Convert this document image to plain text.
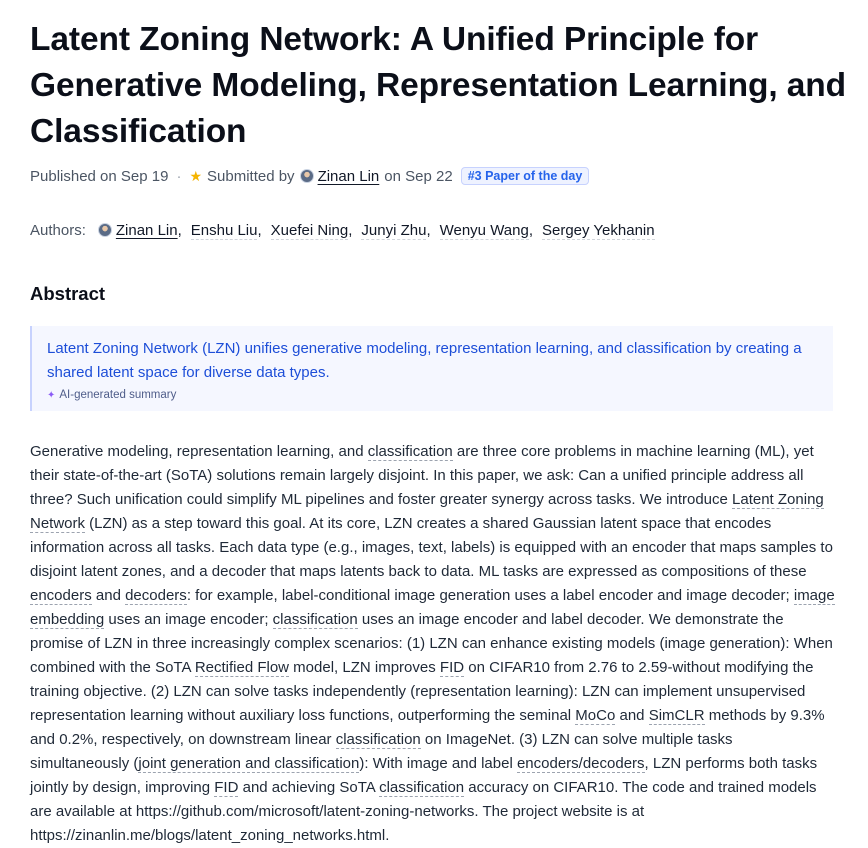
Latent Zoning Network: A Unified Principle for Generative Modeling, Representation Learning, and Classification
Published on Sep 19 · ★ Submitted by Zinan Lin on Sep 22	#3 Paper of the day
Authors:	Zinan Lin, Enshu Liu, Xuefei Ning, Junyi Zhu, Wenyu Wang, Sergey Yekhanin
Abstract
Latent Zoning Network (LZN) unifies generative modeling, representation learning, and classification by creating a shared latent space for diverse data types.
✦ AI-generated summary
Generative modeling, representation learning, and classification are three core problems in machine learning (ML), yet their state-of-the-art (SoTA) solutions remain largely disjoint. In this paper, we ask: Can a unified principle address all three? Such unification could simplify ML pipelines and foster greater synergy across tasks. We introduce Latent Zoning Network (LZN) as a step toward this goal. At its core, LZN creates a shared Gaussian latent space that encodes information across all tasks. Each data type (e.g., images, text, labels) is equipped with an encoder that maps samples to disjoint latent zones, and a decoder that maps latents back to data. ML tasks are expressed as compositions of these encoders and decoders: for example, label-conditional image generation uses a label encoder and image decoder; image embedding uses an image encoder; classification uses an image encoder and label decoder. We demonstrate the promise of LZN in three increasingly complex scenarios: (1) LZN can enhance existing models (image generation): When combined with the SoTA Rectified Flow model, LZN improves FID on CIFAR10 from 2.76 to 2.59-without modifying the training objective. (2) LZN can solve tasks independently (representation learning): LZN can implement unsupervised representation learning without auxiliary loss functions, outperforming the seminal MoCo and SimCLR methods by 9.3% and 0.2%, respectively, on downstream linear classification on ImageNet. (3) LZN can solve multiple tasks simultaneously (joint generation and classification): With image and label encoders/decoders, LZN performs both tasks jointly by design, improving FID and achieving SoTA classification accuracy on CIFAR10. The code and trained models are available at https://github.com/microsoft/latent-zoning-networks. The project website is at https://zinanlin.me/blogs/latent_zoning_networks.html.
